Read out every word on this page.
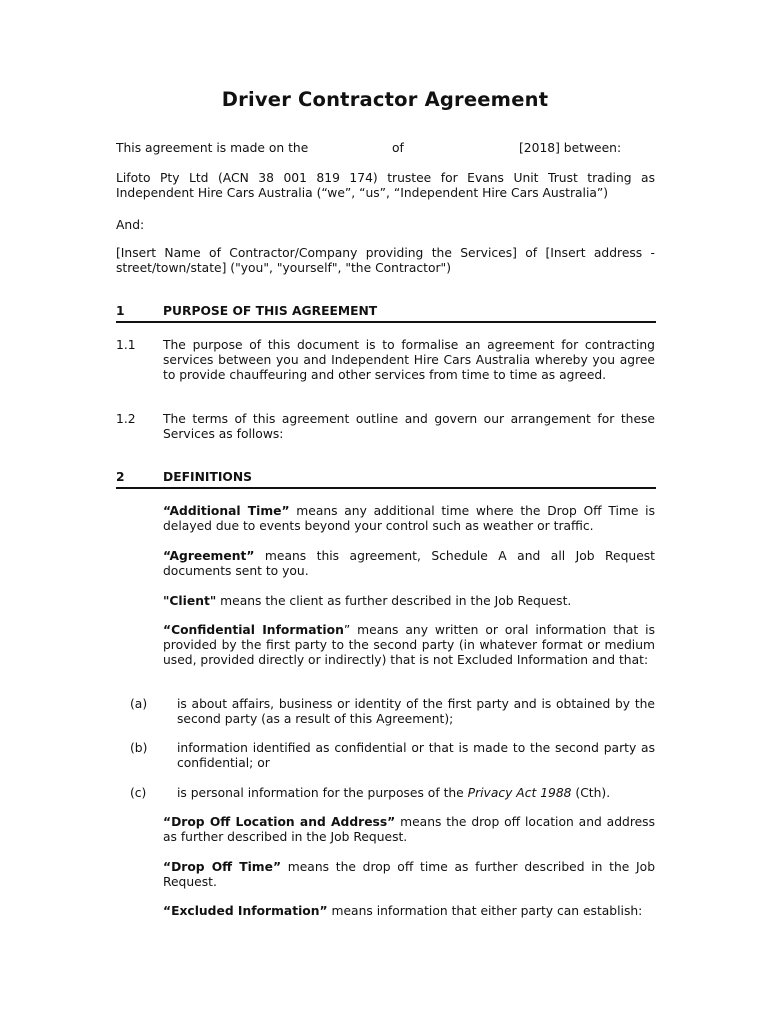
Driver Contractor Agreement
This agreement is made on the	of	[2018] between:
Lifoto Pty Ltd (ACN 38 001 819 174) trustee for Evans Unit Trust trading as Independent Hire Cars Australia (“we”, “us”, “Independent Hire Cars Australia”)
And:
[Insert Name of Contractor/Company providing the Services] of [Insert address - street/town/state] ("you", "yourself", "the Contractor")
1	PURPOSE OF THIS AGREEMENT
1.1	The purpose of this document is to formalise an agreement for contracting services between you and Independent Hire Cars Australia whereby you agree to provide chauffeuring and other services from time to time as agreed.
1.2	The terms of this agreement outline and govern our arrangement for these Services as follows:
2	DEFINITIONS
“Additional Time” means any additional time where the Drop Off Time is delayed due to events beyond your control such as weather or traffic.
“Agreement” means this agreement, Schedule A and all Job Request documents sent to you.
"Client" means the client as further described in the Job Request.
“Confidential Information” means any written or oral information that is provided by the first party to the second party (in whatever format or medium used, provided directly or indirectly) that is not Excluded Information and that:
(a)	is about affairs, business or identity of the first party and is obtained by the second party (as a result of this Agreement);
(b)	information identified as confidential or that is made to the second party as confidential; or
(c)	is personal information for the purposes of the Privacy Act 1988 (Cth).
“Drop Off Location and Address” means the drop off location and address as further described in the Job Request.
“Drop Off Time” means the drop off time as further described in the Job Request.
“Excluded Information” means information that either party can establish:
